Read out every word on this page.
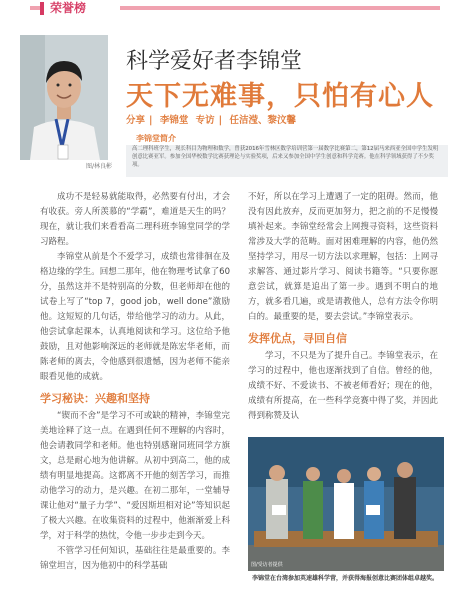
荣誉榜
图/林良彬
科学爱好者李锦堂
天下无难事，只怕有心人
分享 | 李锦堂 专访 | 任洁滢、黎汶馨
李锦堂简介

高二理科班学生，现长科目为物理和数学，曾获2016年雪林区数学培训营第一届数学比赛第二，第12届马来西亚全国中学生发明创意比赛亚军。参加全国华校数学比赛获理论与实验奖项，后来又参加全国中学生创意和科学竞赛。他在科学领域获得了不少奖项。

成功不是轻易就能取得，必然要有付出，才会有收获。旁人所羡慕的“学霸”，难道是天生的吗？现在，就让我们来看看高二理科班李锦堂同学的学习路程。

李锦堂从前是个不爱学习，成绩也常徘徊在及格边缘的学生。回想二那年，他在物理考试拿了60分，虽然这并不是特别高的分数，但老师却在他的试卷上写了“top 7，good job，well done”激励他。这短短的几句话，带给他学习的动力。从此，他尝试拿起课本，认真地阅读和学习。这位给予他鼓励，且对他影响深远的老师就是陈宏华老师，而陈老师的离去，令他感到很遗憾，因为老师不能亲眼看见他的成就。

学习秘诀：兴趣和坚持

“锲而不舍”是学习不可或缺的精神，李锦堂完美地诠释了这一点。在遇到任何不理解的内容时，他会请教同学和老师。他也特别感谢同班同学方旗文，总是耐心地为他讲解。从初中到高二，他的成绩有明显地提高。这都离不开他的刻苦学习，而推动他学习的动力，是兴趣。在初二那年，一堂辅导课让他对“量子力学”、“爱因斯坦相对论”等知识起了极大兴趣。在收集资料的过程中，他渐渐爱上科学，对于科学的热忱，令他一步步走到今天。

不管学习任何知识，基础往往是最重要的。李锦堂坦言，因为他初中的科学基础

不好，所以在学习上遭遇了一定的阻碍。然而，他没有因此放弃，反而更加努力，把之前的不足慢慢填补起来。李锦堂经常会上网搜寻资料，这些资料常涉及大学的范畴。面对困难理解的内容，他仍然坚持学习，用尽一切方法以求理解，包括：上网寻求解答、通过影片学习、阅读书籍等。“只要你愿意尝试，就算是追出了第一步。遇到不明白的地方，就多看几遍，或是请教他人，总有方法令你明白的。最重要的是，要去尝试。”李锦堂表示。

发挥优点，寻回自信

学习，不只是为了提升自己。李锦堂表示，在学习的过程中，他也逐渐找到了自信。曾经的他，成绩不好、不爱读书、不被老师看好；现在的他，成绩有所提高，在一些科学竞赛中得了奖，并因此得到称赞及认

图/受访者提供
李锦堂在台湾参加英速雄科学营，并获得海报创意比赛团体组卓越奖。
